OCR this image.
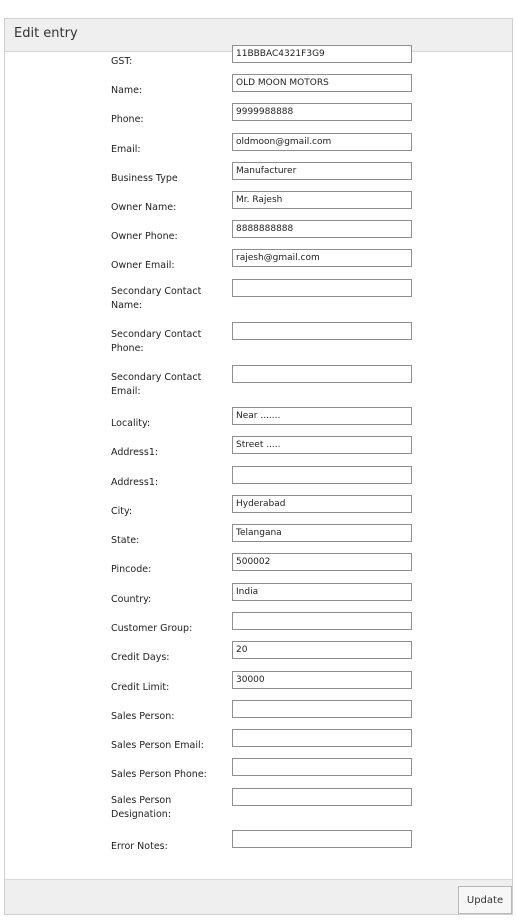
Edit entry
GST:
11BBBAC4321F3G9
Name:
OLD MOON MOTORS
Phone:
9999988888
Email:
oldmoon@gmail.com
Business Type
Manufacturer
Owner Name:
Mr. Rajesh
Owner Phone:
8888888888
Owner Email:
rajesh@gmail.com
Secondary Contact Name:
Secondary Contact Phone:
Secondary Contact Email:
Locality:
Near .......
Address1:
Street .....
Address1:
City:
Hyderabad
State:
Telangana
Pincode:
500002
Country:
India
Customer Group:
Credit Days:
20
Credit Limit:
30000
Sales Person:
Sales Person Email:
Sales Person Phone:
Sales Person Designation:
Error Notes:
Update
